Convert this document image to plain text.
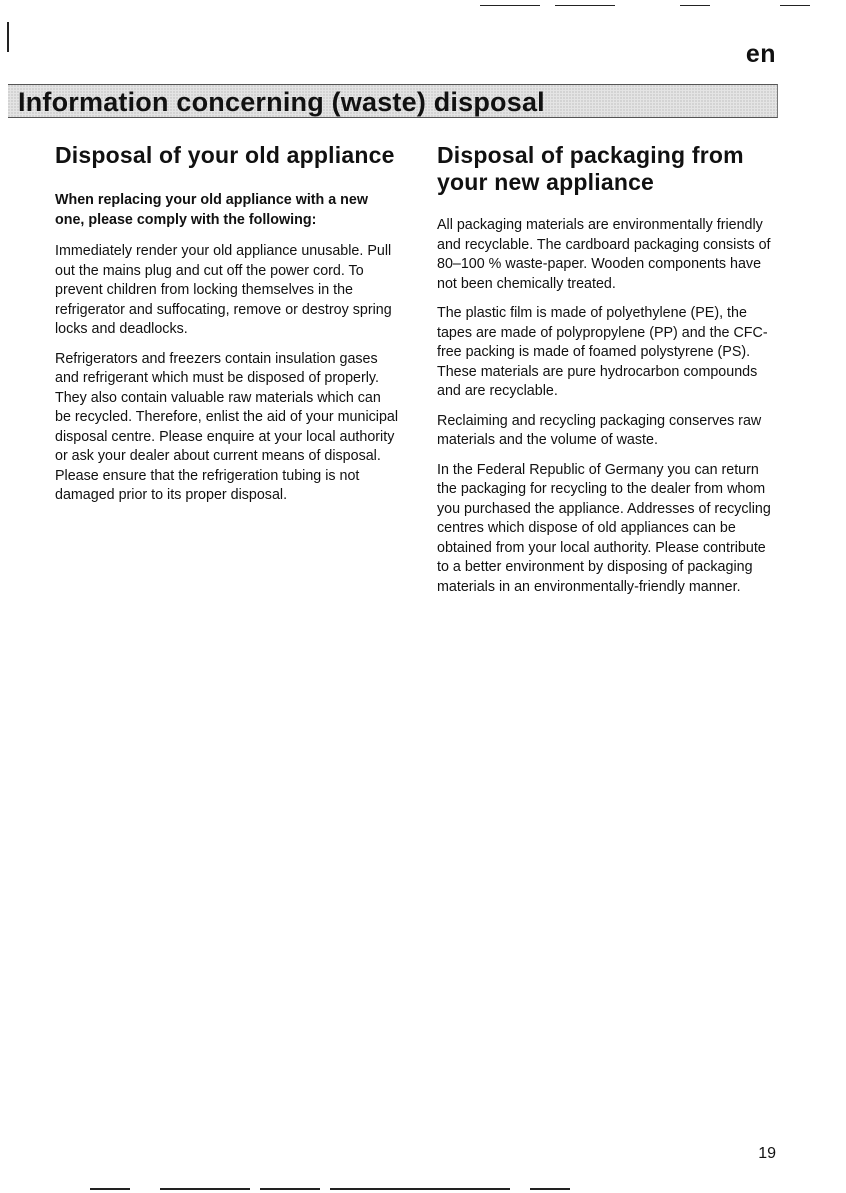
en
Information concerning (waste) disposal
Disposal of your old appliance

When replacing your old appliance with a new one, please comply with the following:

Immediately render your old appliance unusable. Pull out the mains plug and cut off the power cord. To prevent children from locking themselves in the refrigerator and suffocating, remove or destroy spring locks and deadlocks.

Refrigerators and freezers contain insulation gases and refrigerant which must be disposed of properly. They also contain valuable raw materials which can be recycled. Therefore, enlist the aid of your municipal disposal centre. Please enquire at your local authority or ask your dealer about current means of disposal. Please ensure that the refrigeration tubing is not damaged prior to its proper disposal.

Disposal of packaging from your new appliance

All packaging materials are environmentally friendly and recyclable. The cardboard packaging consists of 80–100 % waste-paper. Wooden components have not been chemically treated.

The plastic film is made of polyethylene (PE), the tapes are made of polypropylene (PP) and the CFC-free packing is made of foamed polystyrene (PS). These materials are pure hydrocarbon compounds and are recyclable.

Reclaiming and recycling packaging conserves raw materials and the volume of waste.

In the Federal Republic of Germany you can return the packaging for recycling to the dealer from whom you purchased the appliance. Addresses of recycling centres which dispose of old appliances can be obtained from your local authority. Please contribute to a better environment by disposing of packaging materials in an environmentally-friendly manner.

19
